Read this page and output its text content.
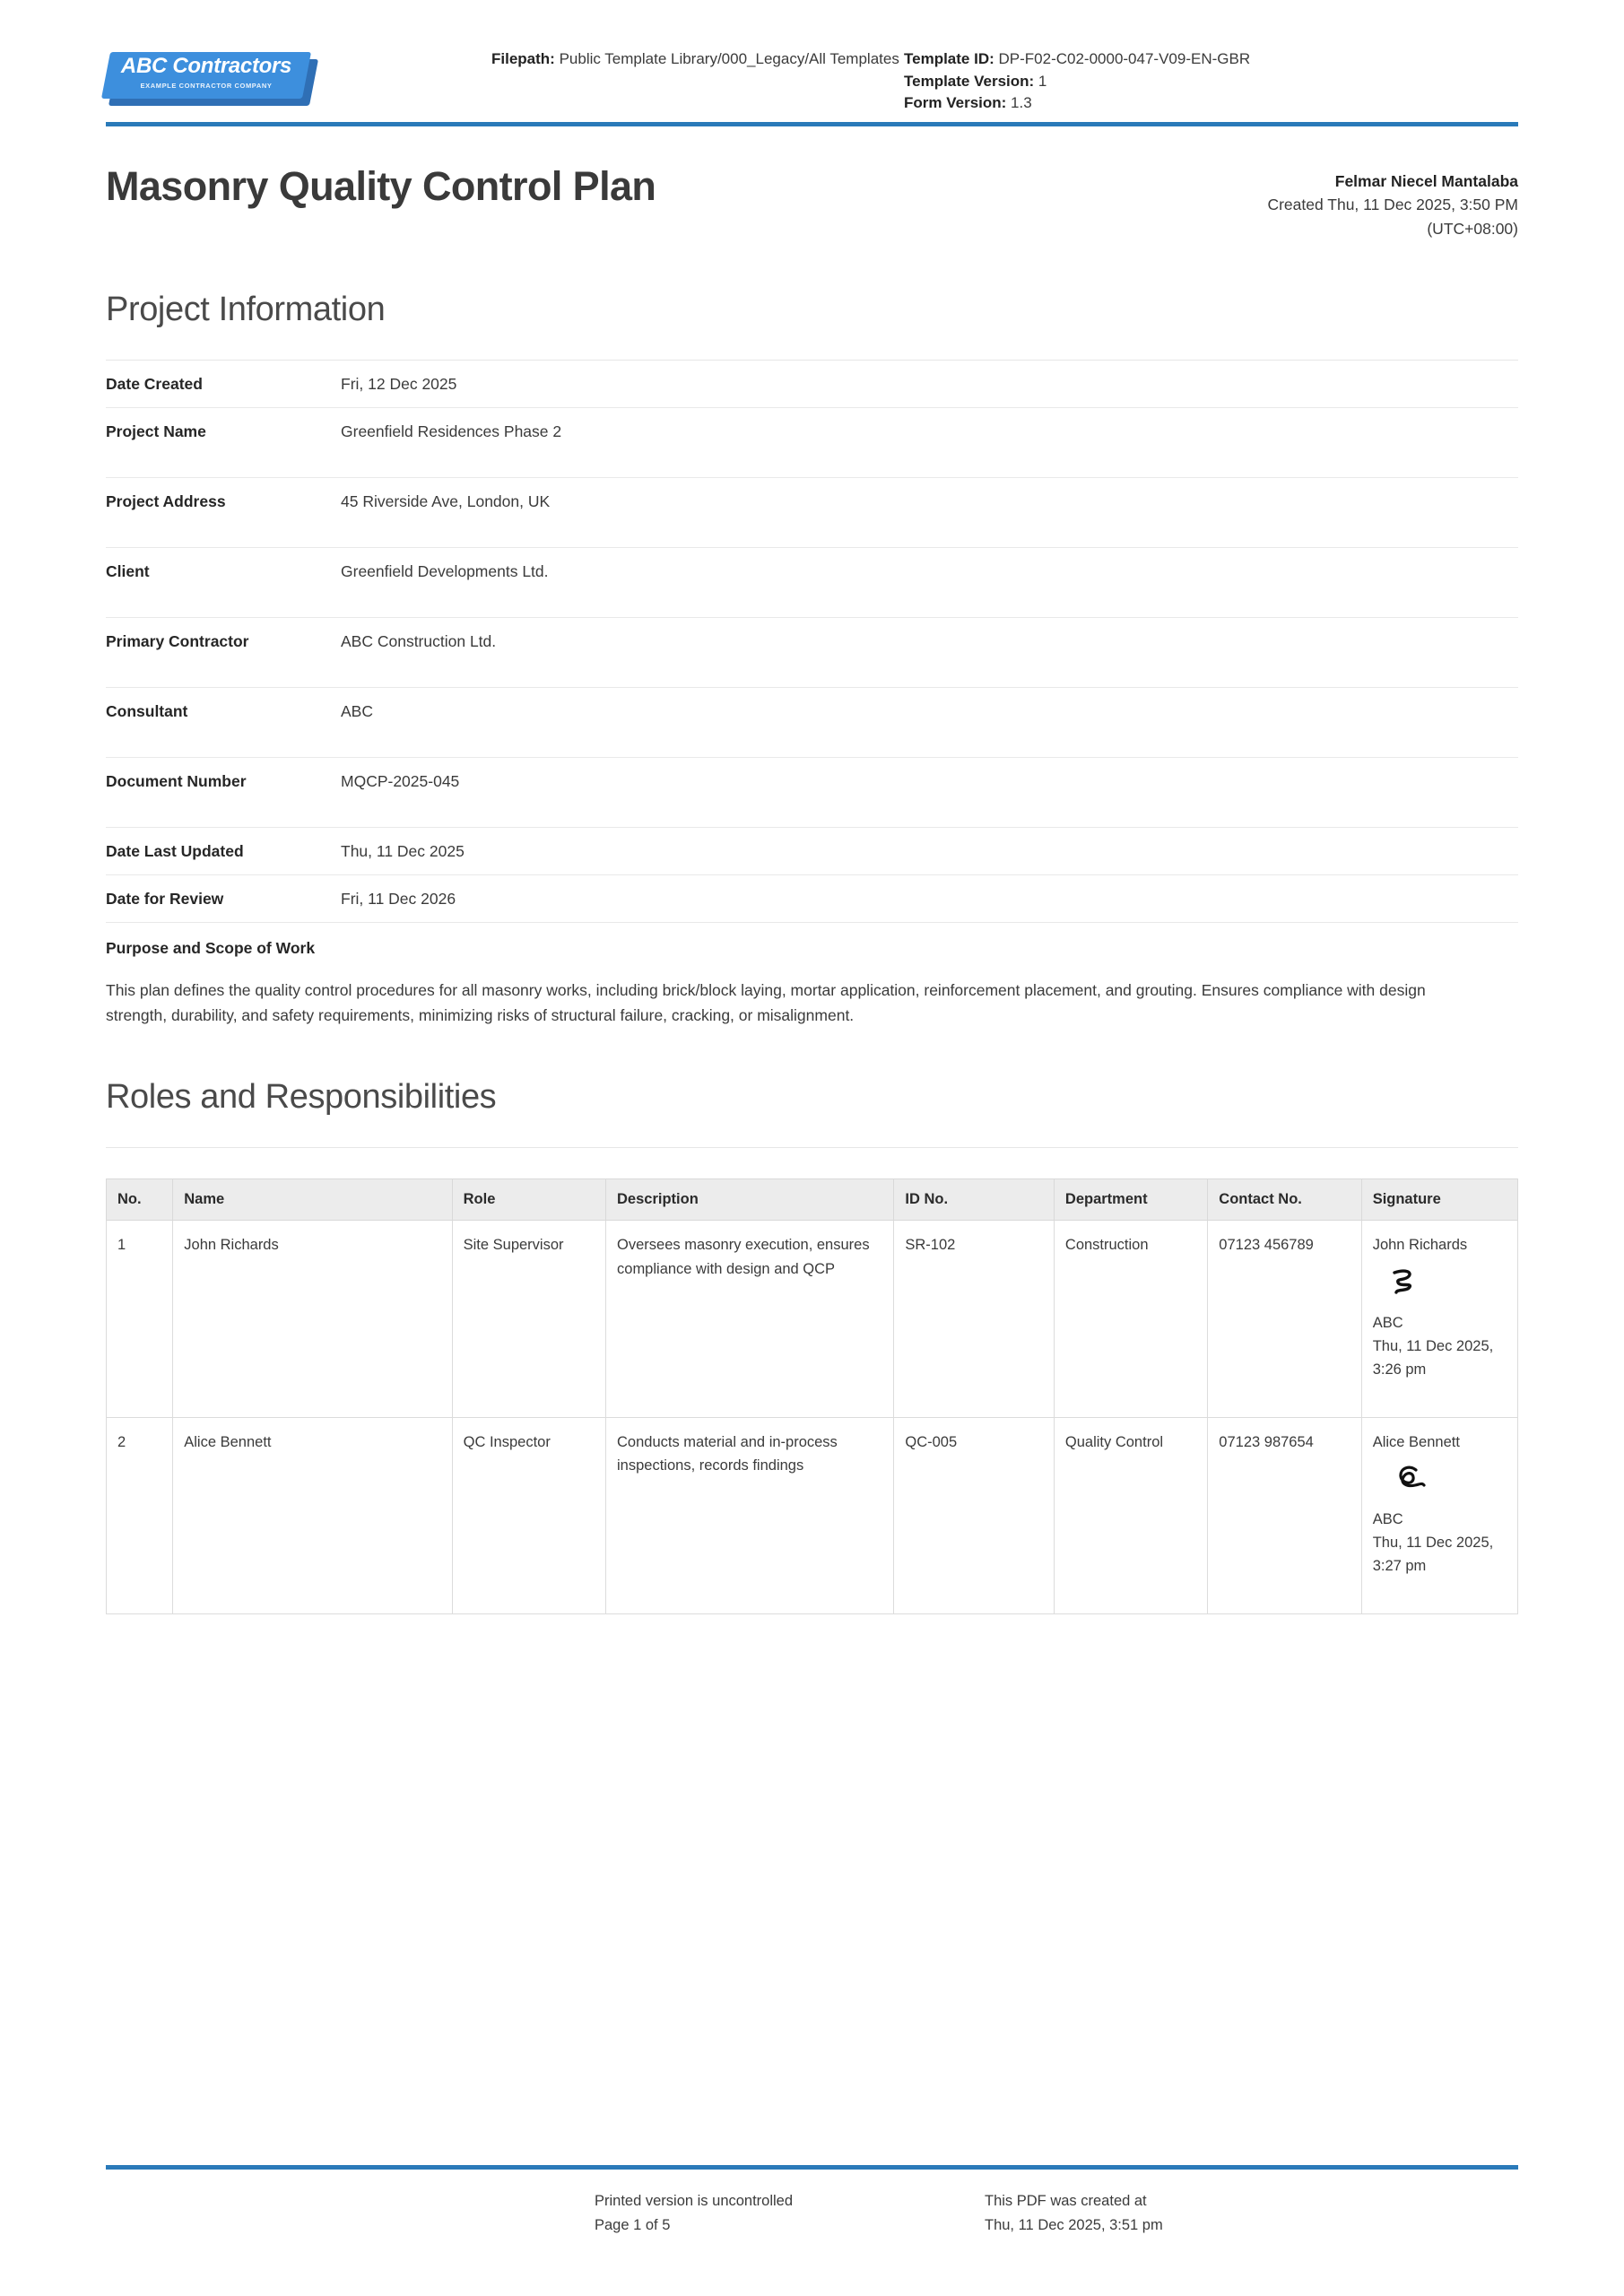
ABC Contractors
EXAMPLE CONTRACTOR COMPANY
Filepath: Public Template Library/000_Legacy/All Templates Template ID: DP-F02-C02-0000-047-V09-EN-GBR
Template Version: 1
Form Version: 1.3
Masonry Quality Control Plan	Felmar Niecel Mantalaba
Created Thu, 11 Dec 2025, 3:50 PM
(UTC+08:00)
Project Information
Date Created	Fri, 12 Dec 2025
Project Name	Greenfield Residences Phase 2
Project Address	45 Riverside Ave, London, UK
Client	Greenfield Developments Ltd.
Primary Contractor	ABC Construction Ltd.
Consultant	ABC
Document Number	MQCP-2025-045
Date Last Updated	Thu, 11 Dec 2025
Date for Review	Fri, 11 Dec 2026
Purpose and Scope of Work
This plan defines the quality control procedures for all masonry works, including brick/block laying, mortar application, reinforcement placement, and grouting. Ensures compliance with design strength, durability, and safety requirements, minimizing risks of structural failure, cracking, or misalignment.
Roles and Responsibilities
No.	Name	Role	Description	ID No.	Department	Contact No.	Signature
1	John Richards	Site Supervisor	Oversees masonry execution, ensures compliance with design and QCP	SR-102	Construction	07123 456789	John Richards
ABC
Thu, 11 Dec 2025, 3:26 pm

2	Alice Bennett	QC Inspector	Conducts material and in-process inspections, records findings	QC-005	Quality Control	07123 987654	Alice Bennett
ABC
Thu, 11 Dec 2025, 3:27 pm
Printed version is uncontrolled
Page 1 of 5
This PDF was created at
Thu, 11 Dec 2025, 3:51 pm
